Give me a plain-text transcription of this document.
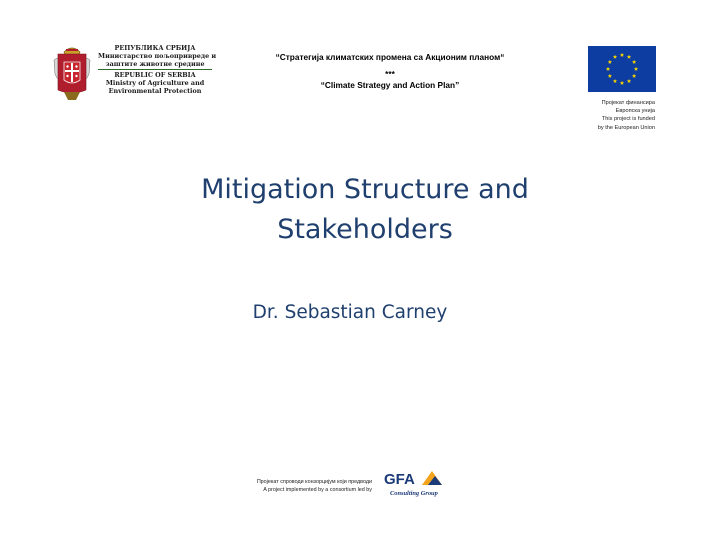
РЕПУБЛИКА СРБИЈА
Министарство пољопривреде и
заштите животне средине
REPUBLIC OF SERBIA
Ministry of Agriculture and
Environmental Protection
“Стратегија климатских промена са Акционим планом“
***
“Climate Strategy and Action Plan”
Пројекат финансира
Европска унија
This project is funded
by the European Union
Mitigation Structure and
Stakeholders
Dr. Sebastian Carney
Пројекат спроводи конзорцијум који предводи
A project implemented by a consortium led by
GFA
Consulting Group
